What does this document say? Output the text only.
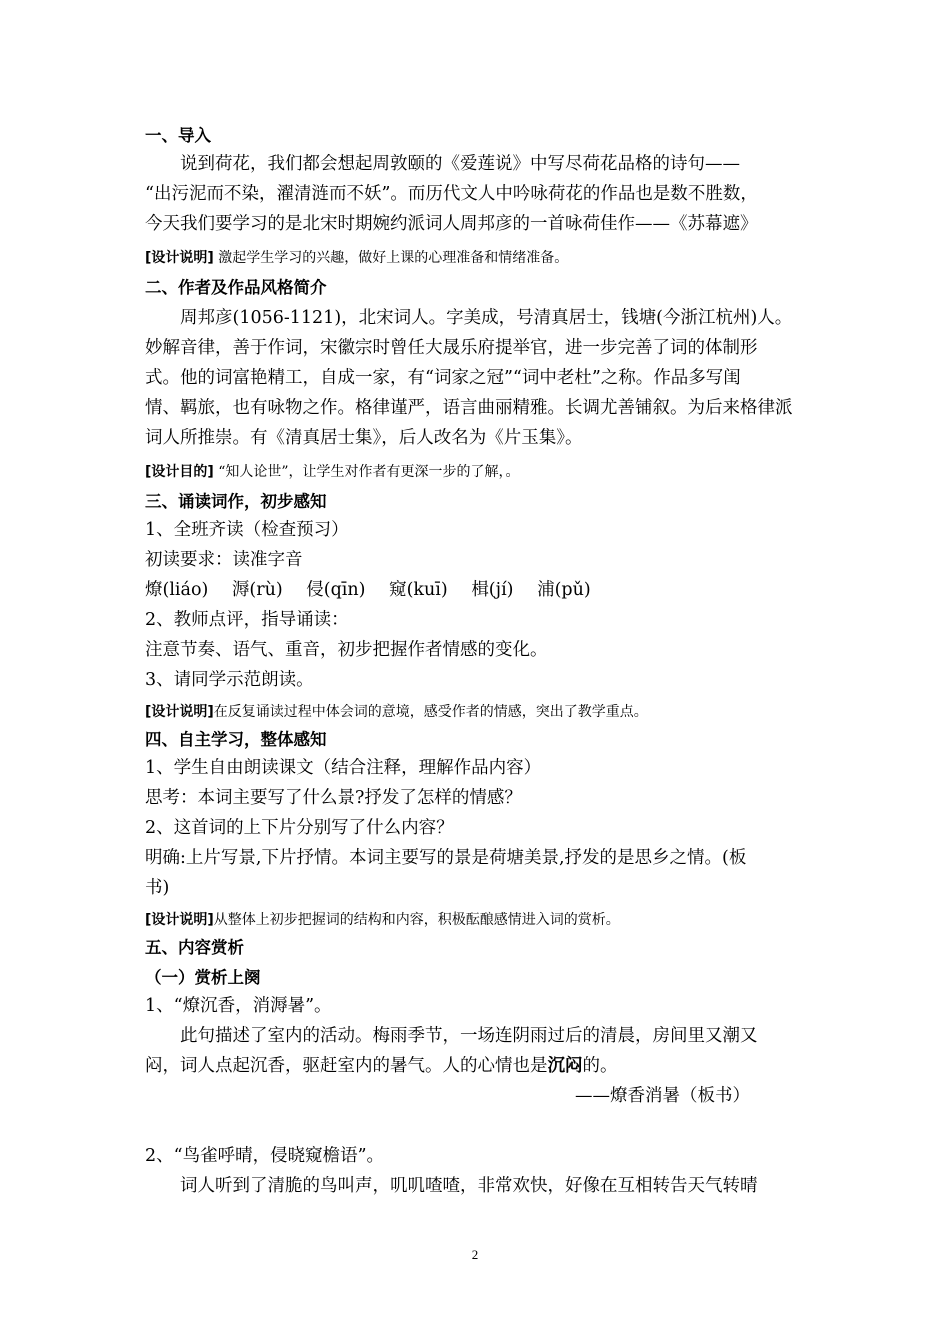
一、导入
说到荷花，我们都会想起周敦颐的《爱莲说》中写尽荷花品格的诗句——
“出污泥而不染，濯清涟而不妖”。而历代文人中吟咏荷花的作品也是数不胜数，
今天我们要学习的是北宋时期婉约派词人周邦彦的一首咏荷佳作——《苏幕遮》
[设计说明] 激起学生学习的兴趣，做好上课的心理准备和情绪准备。
二、作者及作品风格简介
周邦彦(1056-1121)，北宋词人。字美成，号清真居士，钱塘(今浙江杭州)人。
妙解音律，善于作词，宋徽宗时曾任大晟乐府提举官，进一步完善了词的体制形
式。他的词富艳精工，自成一家，有“词家之冠”“词中老杜”之称。作品多写闺
情、羁旅，也有咏物之作。格律谨严，语言曲丽精雅。长调尤善铺叙。为后来格律派
词人所推崇。有《清真居士集》，后人改名为《片玉集》。
[设计目的] “知人论世”，让学生对作者有更深一步的了解，。
三、诵读词作，初步感知
1、全班齐读（检查预习）
初读要求：读准字音
燎(liáo) 溽(rù) 侵(qīn) 窥(kuī) 楫(jí) 浦(pǔ)
2、教师点评，指导诵读：
注意节奏、语气、重音，初步把握作者情感的变化。
3、请同学示范朗读。
[设计说明]在反复诵读过程中体会词的意境，感受作者的情感，突出了教学重点。
四、自主学习，整体感知
1、学生自由朗读课文（结合注释，理解作品内容）
思考：本词主要写了什么景?抒发了怎样的情感？
2、这首词的上下片分别写了什么内容？
明确:上片写景,下片抒情。本词主要写的景是荷塘美景,抒发的是思乡之情。(板
书)
[设计说明]从整体上初步把握词的结构和内容，积极酝酿感情进入词的赏析。
五、内容赏析
（一）赏析上阕
1、“燎沉香，消溽暑”。
此句描述了室内的活动。梅雨季节，一场连阴雨过后的清晨，房间里又潮又
闷，词人点起沉香，驱赶室内的暑气。人的心情也是沉闷的。
——燎香消暑（板书）
2、“鸟雀呼晴，侵晓窥檐语”。
词人听到了清脆的鸟叫声，叽叽喳喳，非常欢快，好像在互相转告天气转晴
2
